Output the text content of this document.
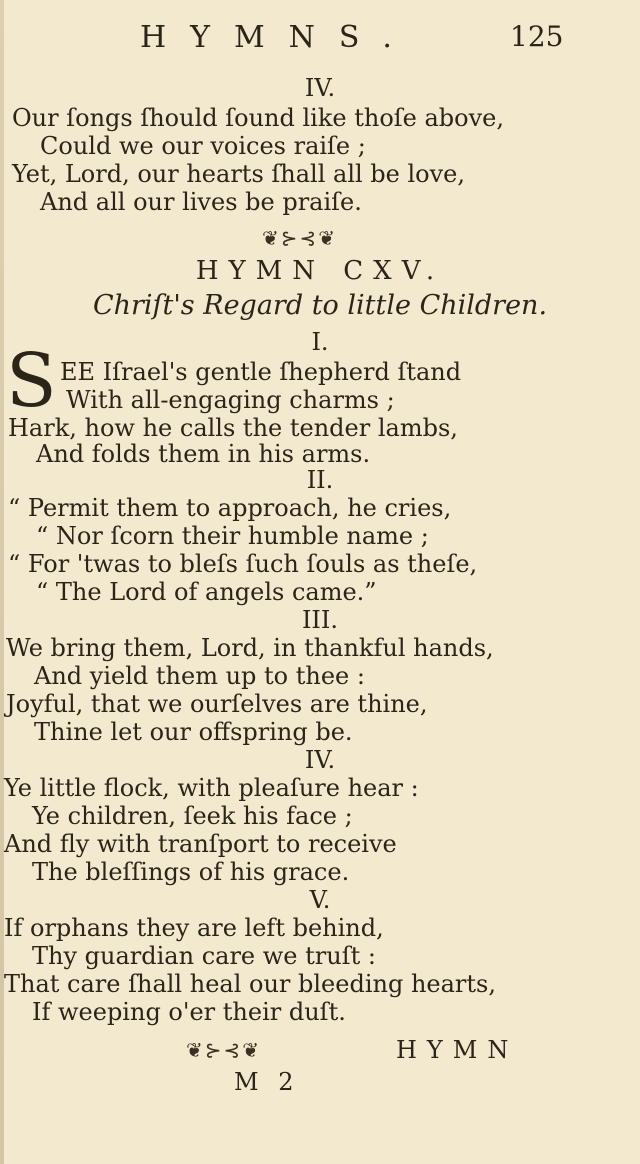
HYMNS.	125
IV.
Our ſongs ſhould ſound like thoſe above,
Could we our voices raiſe ;
Yet, Lord, our hearts ſhall all be love,
And all our lives be praiſe.
❦⊱⊰❦
HYMN CXV.
Chriſt's Regard to little Children.
I.
S EE Iſrael's gentle ſhepherd ſtand
With all-engaging charms ;
Hark, how he calls the tender lambs,
And folds them in his arms.
II.
“ Permit them to approach, he cries,
“ Nor ſcorn their humble name ;
“ For 'twas to bleſs ſuch ſouls as theſe,
“ The Lord of angels came.”
III.
We bring them, Lord, in thankful hands,
And yield them up to thee :
Joyful, that we ourſelves are thine,
Thine let our offspring be.
IV.
Ye little flock, with pleaſure hear :
Ye children, ſeek his face ;
And fly with tranſport to receive
The bleſſings of his grace.
V.
If orphans they are left behind,
Thy guardian care we truſt :
That care ſhall heal our bleeding hearts,
If weeping o'er their duſt.
❦⊱⊰❦	HYMN
M 2
